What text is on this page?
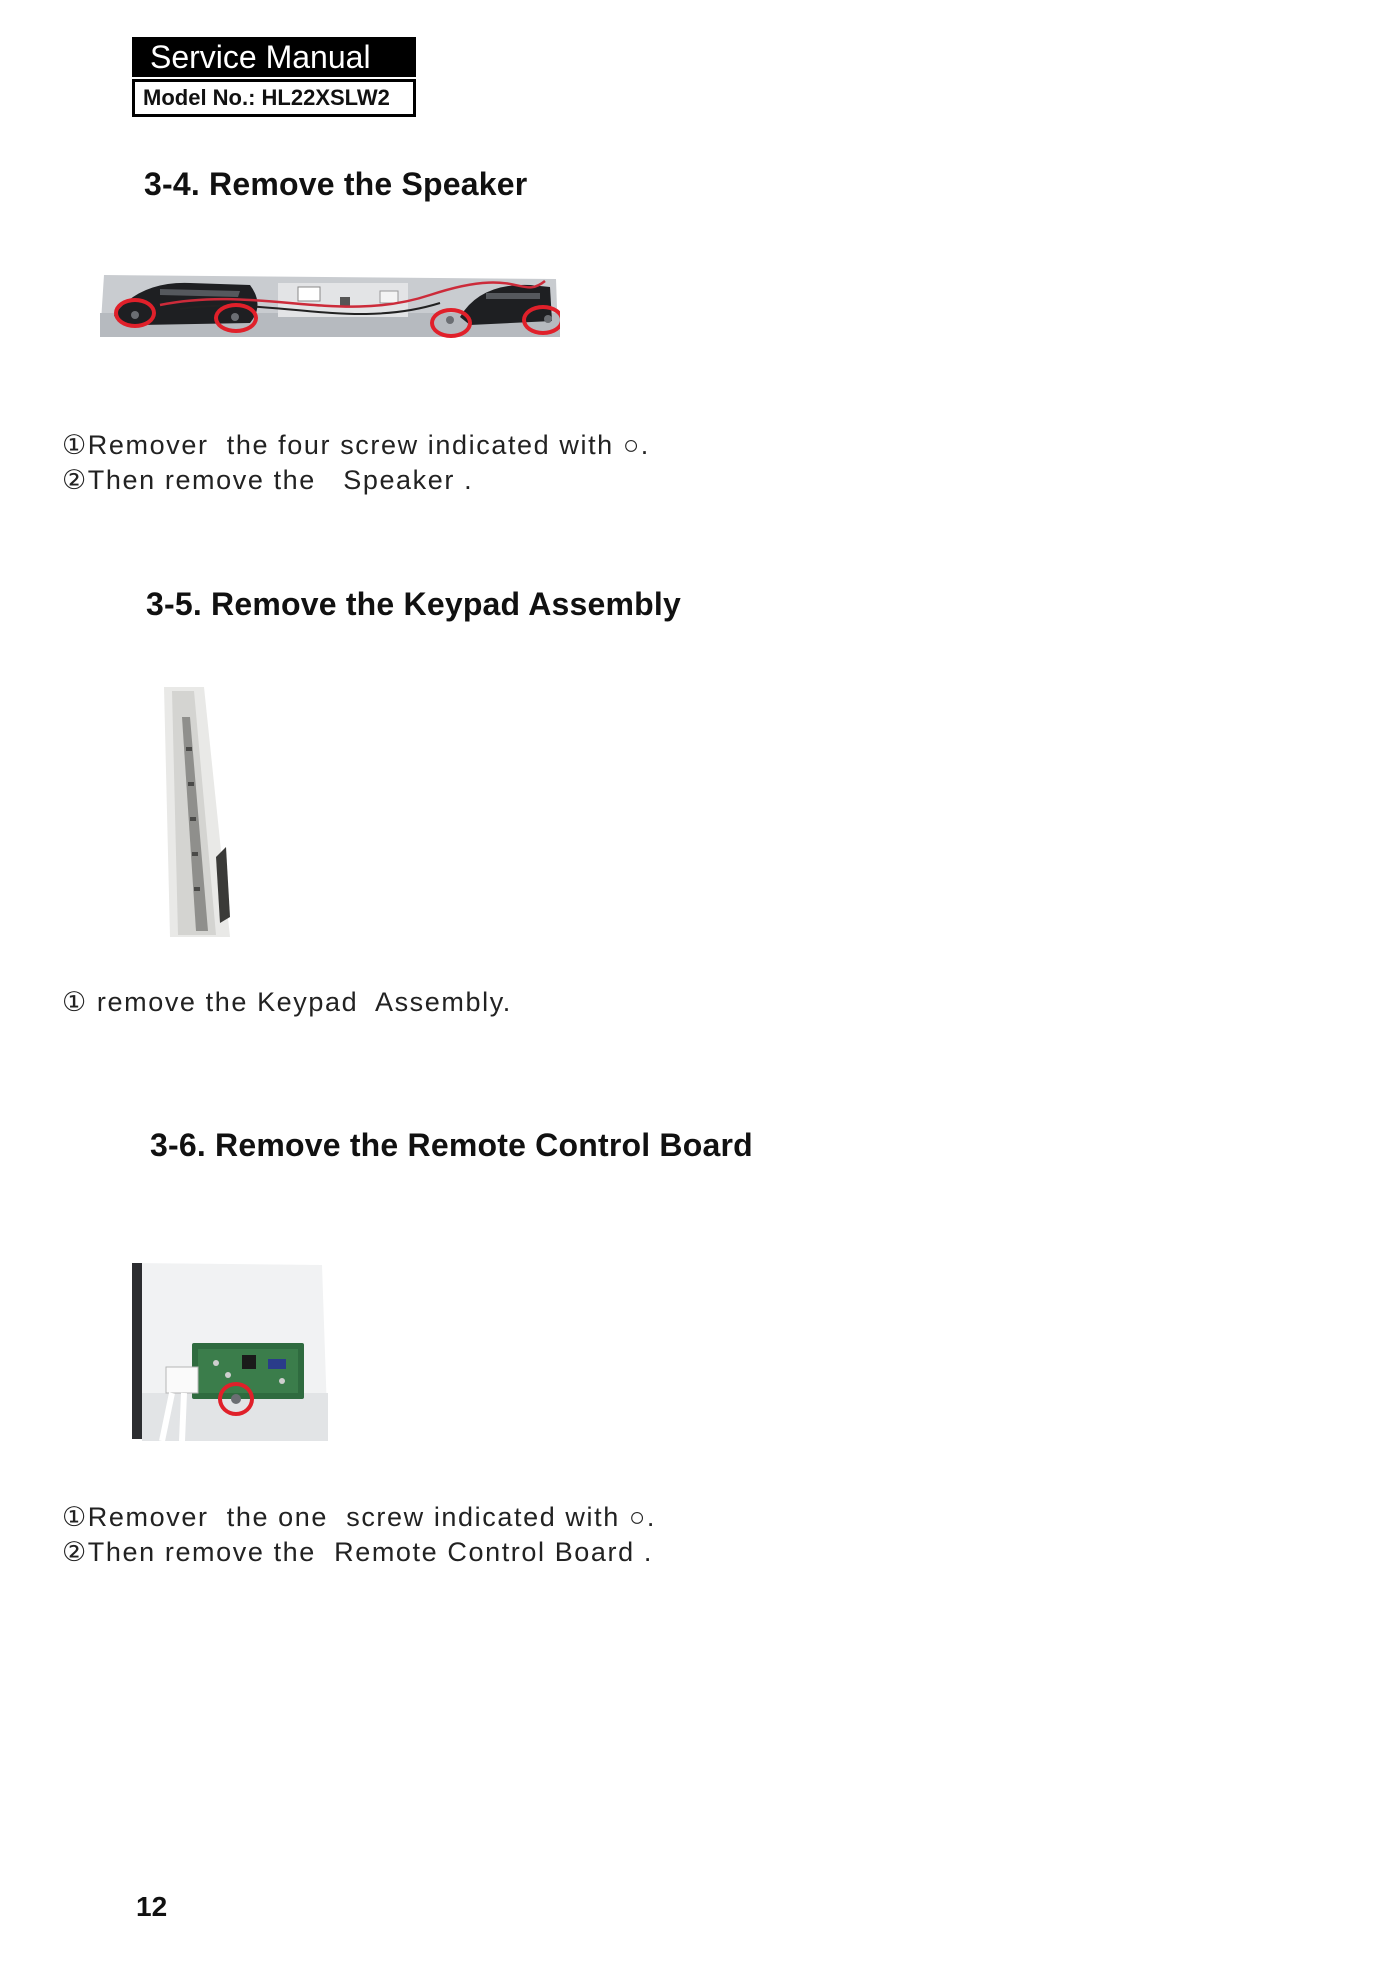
Service Manual
Model No.: HL22XSLW2
3-4. Remove the Speaker
①Remover  the four screw indicated with ○.
②Then remove the   Speaker .
3-5. Remove the Keypad Assembly
① remove the Keypad  Assembly.
3-6. Remove the Remote Control Board
①Remover  the one  screw indicated with ○.
②Then remove the  Remote Control Board .
12
